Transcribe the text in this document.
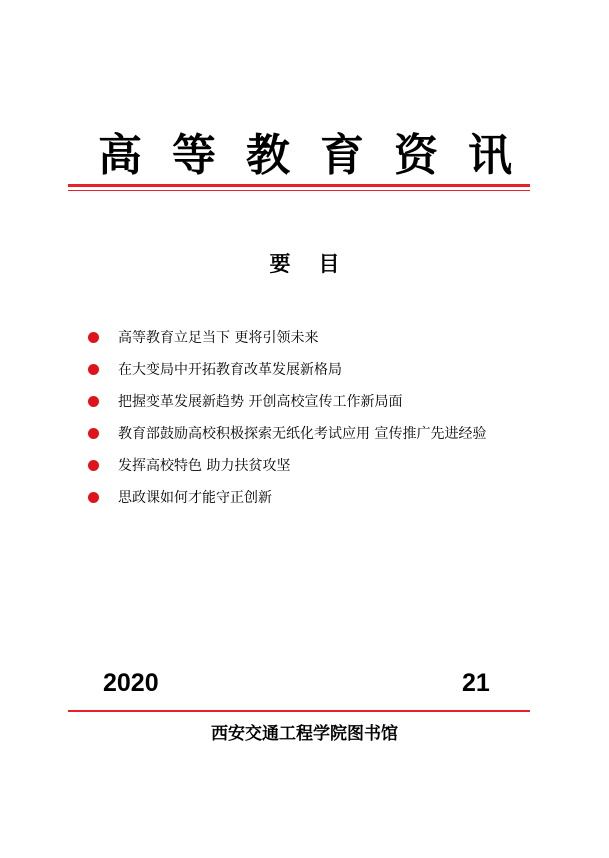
高等教育资讯
要目
高等教育立足当下 更将引领未来
在大变局中开拓教育改革发展新格局
把握变革发展新趋势 开创高校宣传工作新局面
教育部鼓励高校积极探索无纸化考试应用 宣传推广先进经验
发挥高校特色 助力扶贫攻坚
思政课如何才能守正创新
2020	21
西安交通工程学院图书馆
